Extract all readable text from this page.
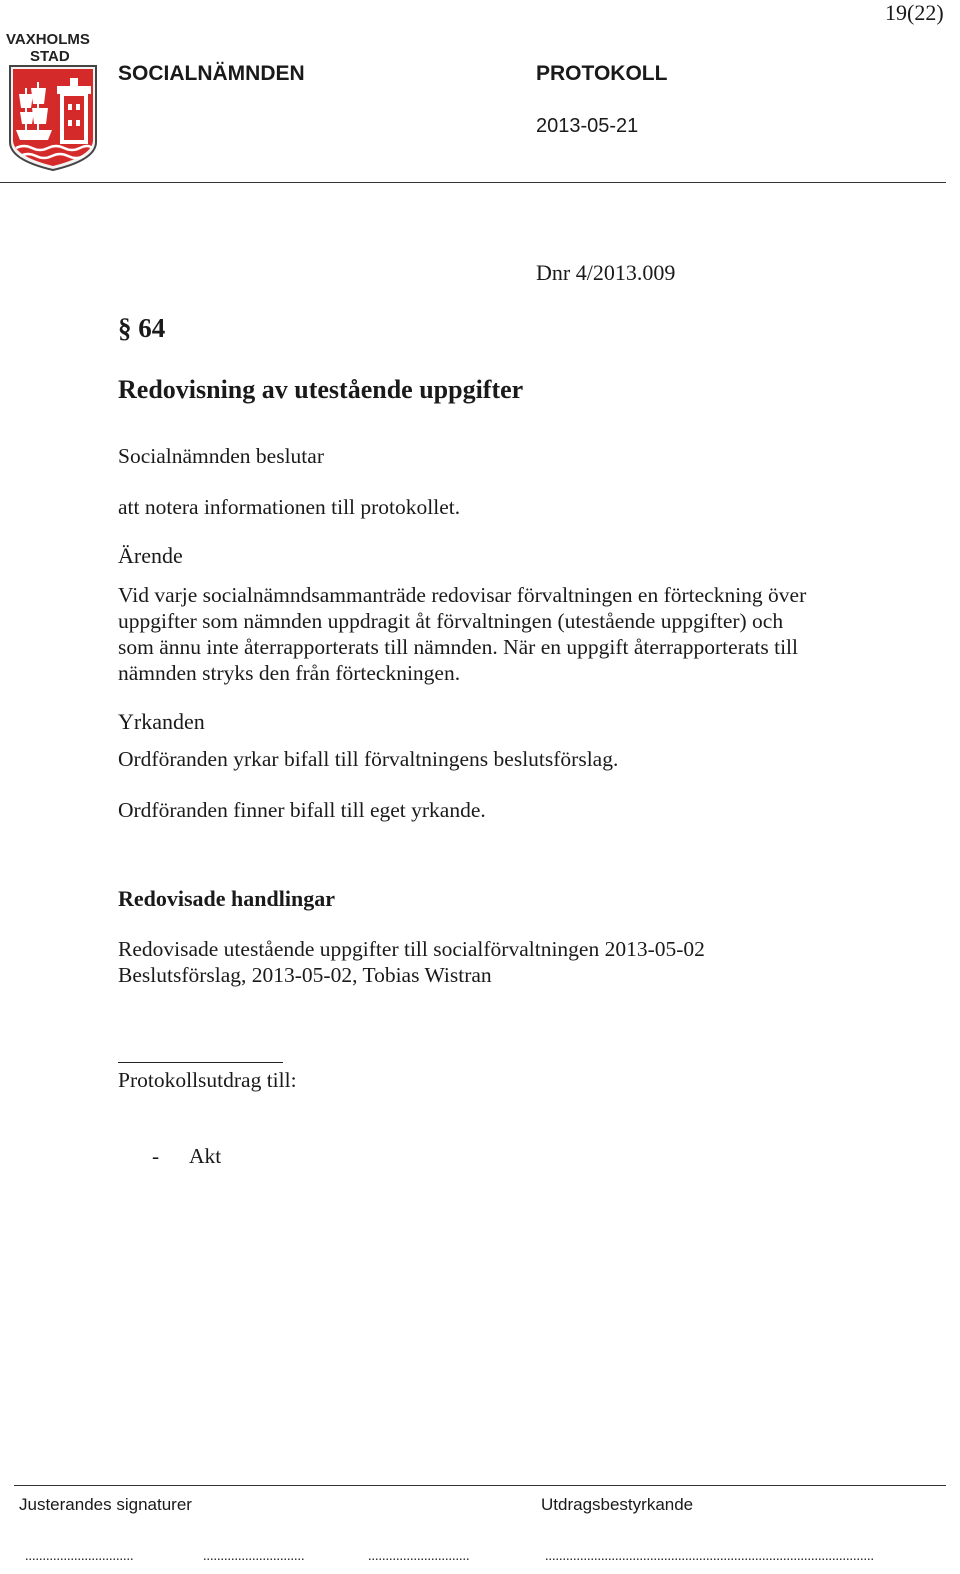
19(22)
VAXHOLMS
STAD
SOCIALNÄMNDEN	PROTOKOLL
2013-05-21
Dnr 4/2013.009
§ 64
Redovisning av utestående uppgifter
Socialnämnden beslutar
att notera informationen till protokollet.
Ärende
Vid varje socialnämndsammanträde redovisar förvaltningen en förteckning över
uppgifter som nämnden uppdragit åt förvaltningen (utestående uppgifter) och
som ännu inte återrapporterats till nämnden. När en uppgift återrapporterats till
nämnden stryks den från förteckningen.
Yrkanden
Ordföranden yrkar bifall till förvaltningens beslutsförslag.
Ordföranden finner bifall till eget yrkande.
Redovisade handlingar
Redovisade utestående uppgifter till socialförvaltningen 2013-05-02
Beslutsförslag, 2013-05-02, Tobias Wistran
Protokollsutdrag till:
- Akt
Justerandes signaturer	Utdragsbestyrkande
...............................	.............................	.............................	..............................................................................................
